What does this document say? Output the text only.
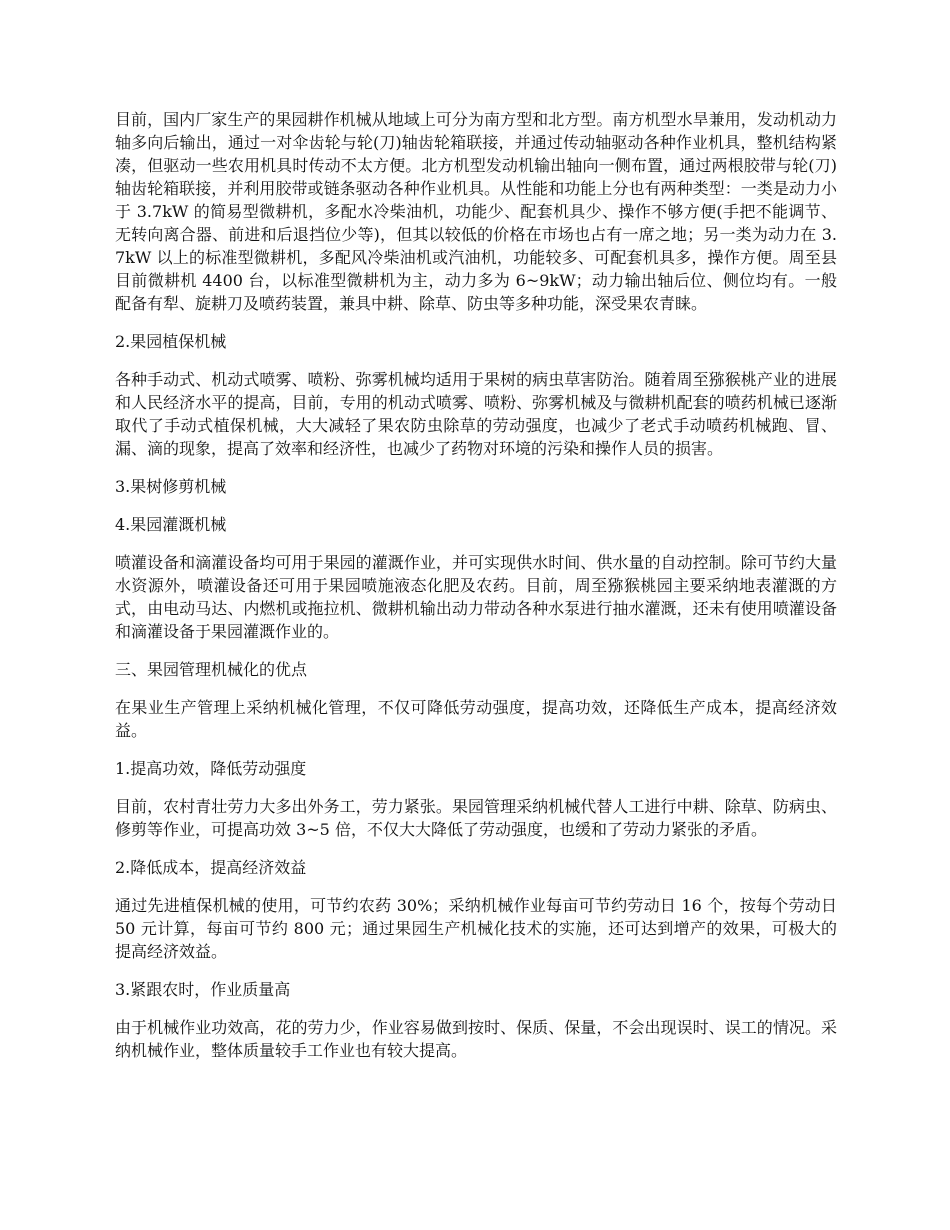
目前，国内厂家生产的果园耕作机械从地域上可分为南方型和北方型。南方机型水旱兼用，发动机动力轴多向后输出，通过一对伞齿轮与轮(刀)轴齿轮箱联接，并通过传动轴驱动各种作业机具，整机结构紧凑，但驱动一些农用机具时传动不太方便。北方机型发动机输出轴向一侧布置，通过两根胶带与轮(刀)轴齿轮箱联接，并利用胶带或链条驱动各种作业机具。从性能和功能上分也有两种类型：一类是动力小于 3.7kW 的简易型微耕机，多配水冷柴油机，功能少、配套机具少、操作不够方便(手把不能调节、无转向离合器、前进和后退挡位少等)，但其以较低的价格在市场也占有一席之地；另一类为动力在 3.7kW 以上的标准型微耕机，多配风冷柴油机或汽油机，功能较多、可配套机具多，操作方便。周至县目前微耕机 4400 台，以标准型微耕机为主，动力多为 6~9kW；动力输出轴后位、侧位均有。一般配备有犁、旋耕刀及喷药装置，兼具中耕、除草、防虫等多种功能，深受果农青睐。

2.果园植保机械

各种手动式、机动式喷雾、喷粉、弥雾机械均适用于果树的病虫草害防治。随着周至猕猴桃产业的进展和人民经济水平的提高，目前，专用的机动式喷雾、喷粉、弥雾机械及与微耕机配套的喷药机械已逐渐取代了手动式植保机械，大大减轻了果农防虫除草的劳动强度，也减少了老式手动喷药机械跑、冒、漏、滴的现象，提高了效率和经济性，也减少了药物对环境的污染和操作人员的损害。

3.果树修剪机械

4.果园灌溉机械

喷灌设备和滴灌设备均可用于果园的灌溉作业，并可实现供水时间、供水量的自动控制。除可节约大量水资源外，喷灌设备还可用于果园喷施液态化肥及农药。目前，周至猕猴桃园主要采纳地表灌溉的方式，由电动马达、内燃机或拖拉机、微耕机输出动力带动各种水泵进行抽水灌溉，还未有使用喷灌设备和滴灌设备于果园灌溉作业的。

三、果园管理机械化的优点

在果业生产管理上采纳机械化管理，不仅可降低劳动强度，提高功效，还降低生产成本，提高经济效益。

1.提高功效，降低劳动强度

目前，农村青壮劳力大多出外务工，劳力紧张。果园管理采纳机械代替人工进行中耕、除草、防病虫、修剪等作业，可提高功效 3~5 倍，不仅大大降低了劳动强度，也缓和了劳动力紧张的矛盾。

2.降低成本，提高经济效益

通过先进植保机械的使用，可节约农药 30%；采纳机械作业每亩可节约劳动日 16 个，按每个劳动日 50 元计算，每亩可节约 800 元；通过果园生产机械化技术的实施，还可达到增产的效果，可极大的提高经济效益。

3.紧跟农时，作业质量高

由于机械作业功效高，花的劳力少，作业容易做到按时、保质、保量，不会出现误时、误工的情况。采纳机械作业，整体质量较手工作业也有较大提高。
